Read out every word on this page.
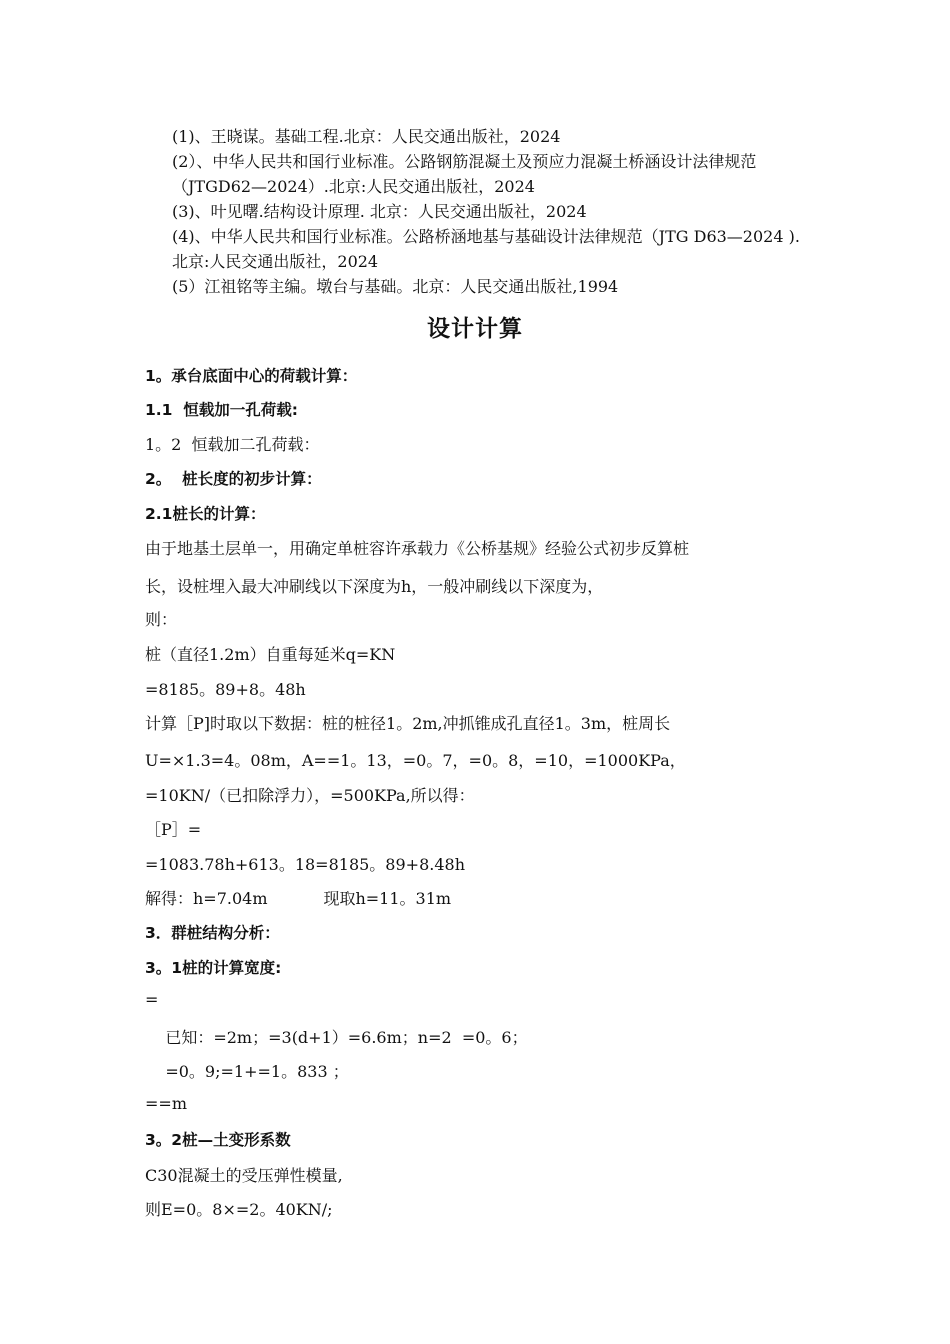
(1)、王晓谋。基础工程.北京：人民交通出版社，2024

(2）、中华人民共和国行业标准。公路钢筋混凝土及预应力混凝土桥涵设计法律规范（JTGD62—2024）.北京:人民交通出版社，2024

(3)、叶见曙.结构设计原理. 北京：人民交通出版社，2024

(4)、中华人民共和国行业标准。公路桥涵地基与基础设计法律规范（JTG D63—2024 ).  北京:人民交通出版社，2024

(5）江祖铭等主编。墩台与基础。北京：人民交通出版社,1994

设计计算

1。承台底面中心的荷载计算：

1.1  恒载加一孔荷载:

1。2  恒载加二孔荷载：

2。  桩长度的初步计算：

2.1桩长的计算：

由于地基土层单一，用确定单桩容许承载力《公桥基规》经验公式初步反算桩

长，设桩埋入最大冲刷线以下深度为h，一般冲刷线以下深度为，

则：

桩（直径1.2m）自重每延米q=KN

=8185。89+8。48h

计算［P]时取以下数据：桩的桩径1。2m,冲抓锥成孔直径1。3m，桩周长

U=×1.3=4。08m，A==1。13，=0。7，=0。8，=10，=1000KPa，

=10KN/（已扣除浮力），=500KPa,所以得：

［P］=

=1083.78h+613。18=8185。89+8.48h

解得：h=7.04m           现取h=11。31m

3．群桩结构分析：

3。1桩的计算宽度:

=

已知：=2m；=3(d+1）=6.6m；n=2  =0。6；

=0。9;=1+=1。833 ；

==m

3。2桩—土变形系数

C30混凝土的受压弹性模量,

则E=0。8×=2。40KN/;
